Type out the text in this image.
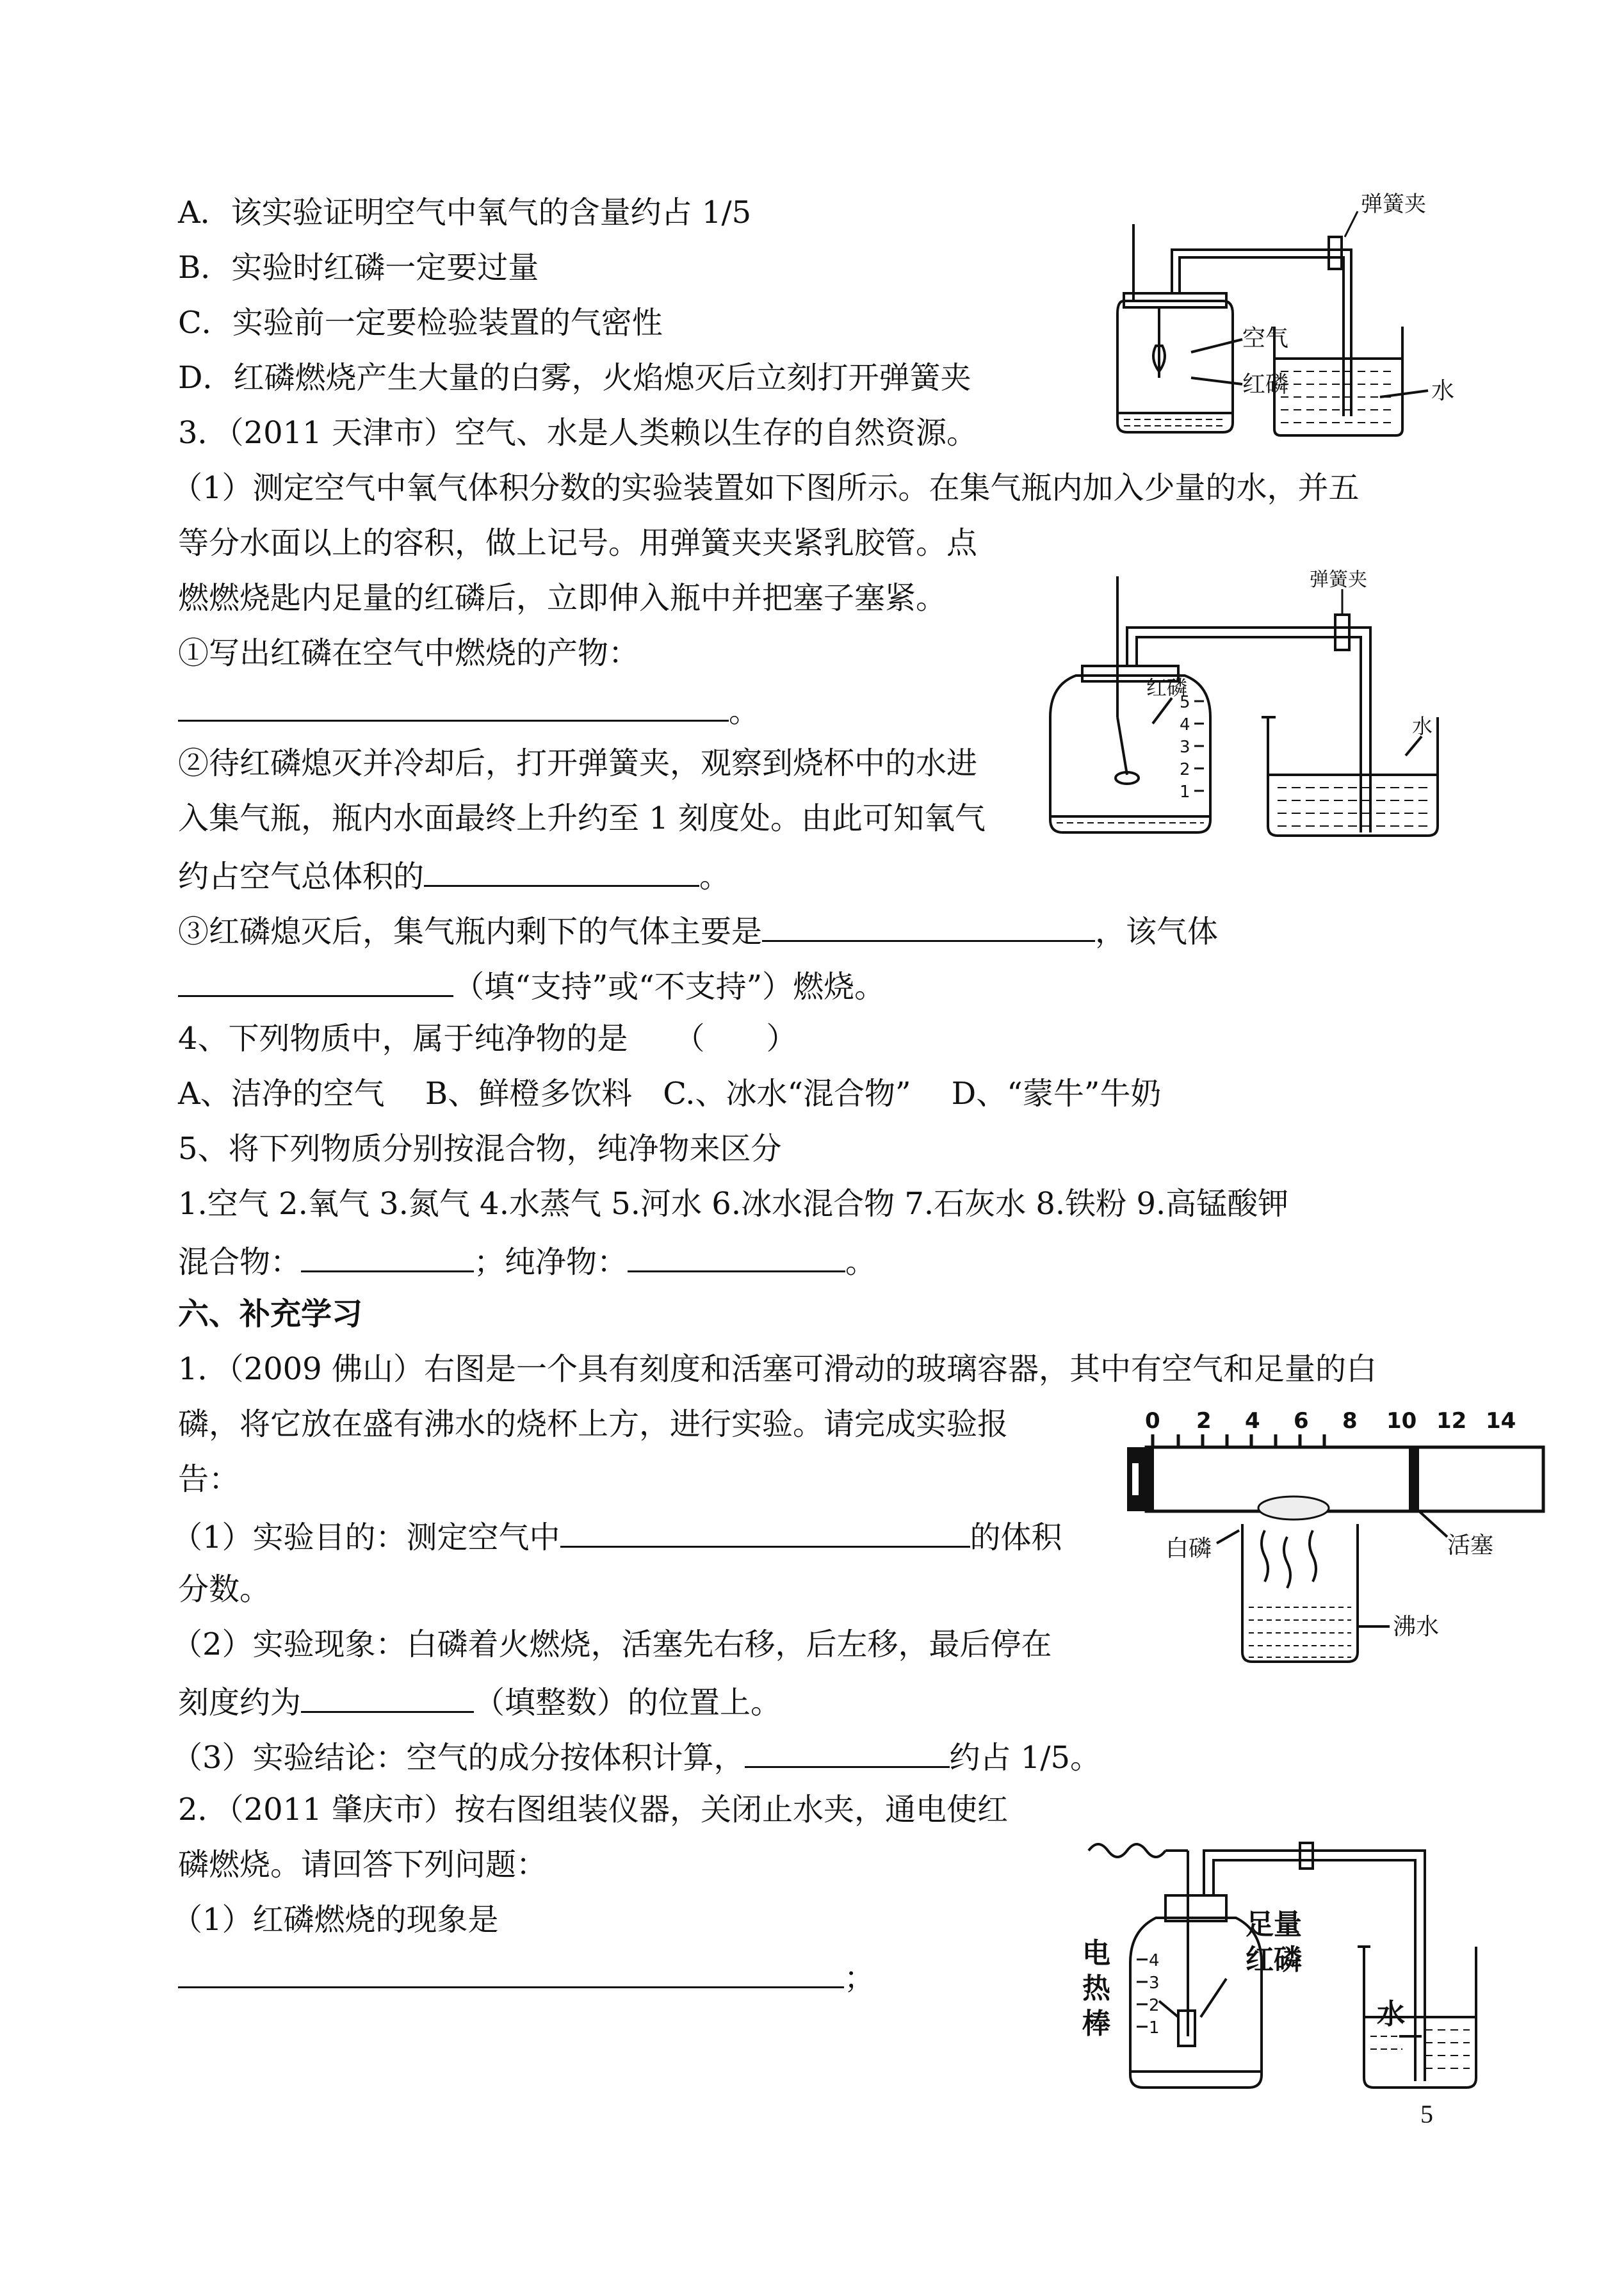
A．该实验证明空气中氧气的含量约占 1/5
B．实验时红磷一定要过量
C．实验前一定要检验装置的气密性
D．红磷燃烧产生大量的白雾，火焰熄灭后立刻打开弹簧夹
弹簧夹
空气
红磷	水
3．（2011 天津市）空气、水是人类赖以生存的自然资源。
（1）测定空气中氧气体积分数的实验装置如下图所示。在集气瓶内加入少量的水，并五
等分水面以上的容积，做上记号。用弹簧夹夹紧乳胶管。点
燃燃烧匙内足量的红磷后，立即伸入瓶中并把塞子塞紧。
①写出红磷在空气中燃烧的产物：
。
②待红磷熄灭并冷却后，打开弹簧夹，观察到烧杯中的水进
入集气瓶，瓶内水面最终上升约至 1 刻度处。由此可知氧气
约占空气总体积的	。
③红磷熄灭后，集气瓶内剩下的气体主要是	，该气体
（填“支持”或“不支持”）燃烧。
弹簧夹
红磷
水
5
4
3
2
1
4、下列物质中，属于纯净物的是　　（　　）
A、洁净的空气　 B、鲜橙多饮料　C.、冰水“混合物”　 D、“蒙牛”牛奶
5、将下列物质分别按混合物，纯净物来区分
1.空气 2.氧气 3.氮气 4.水蒸气 5.河水 6.冰水混合物 7.石灰水 8.铁粉 9.高锰酸钾
混合物：	；纯净物：	。
六、补充学习
1．（2009 佛山）右图是一个具有刻度和活塞可滑动的玻璃容器，其中有空气和足量的白
磷，将它放在盛有沸水的烧杯上方，进行实验。请完成实验报
告：
（1）实验目的：测定空气中	的体积
分数。
（2）实验现象：白磷着火燃烧，活塞先右移，后左移，最后停在
刻度约为	（填整数）的位置上。
（3）实验结论：空气的成分按体积计算，	约占 1/5。
0 2 4 6 8 10 12 14
白磷	活塞
沸水
2．（2011 肇庆市）按右图组装仪器，关闭止水夹，通电使红
磷燃烧。请回答下列问题：
（1）红磷燃烧的现象是
；
电
热
棒
足量
红磷
水
4
3
2
1
5
